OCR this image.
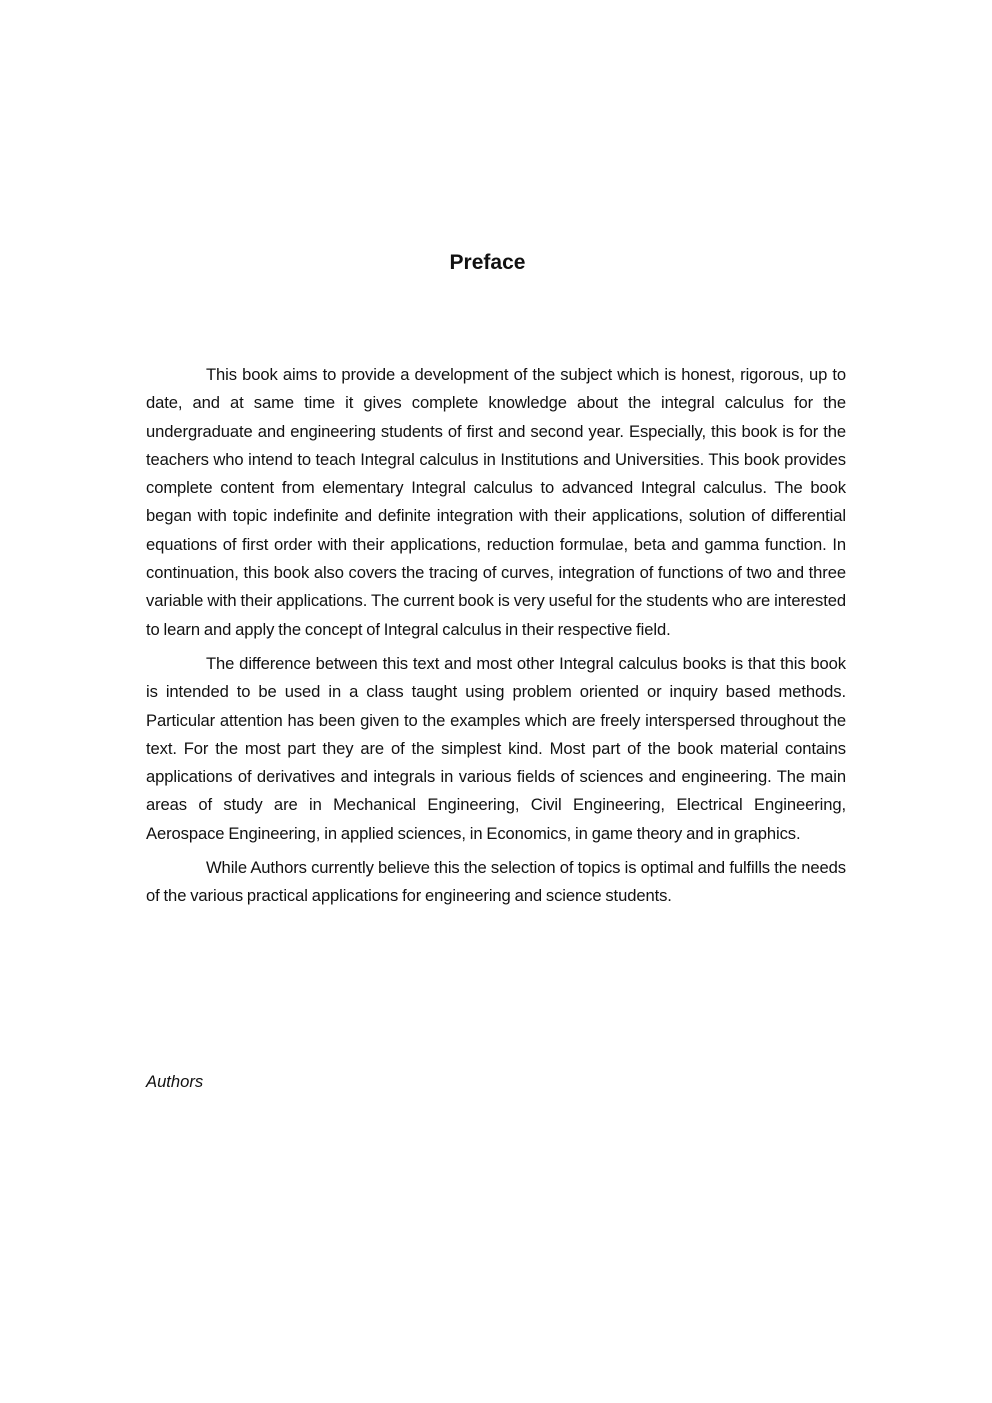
Preface

This book aims to provide a development of the subject which is honest, rigorous, up to date, and at same time it gives complete knowledge about the integral calculus for the undergraduate and engineering students of first and second year. Especially, this book is for the teachers who intend to teach Integral calculus in Institutions and Universities. This book provides complete content from elementary Integral calculus to advanced Integral calculus. The book began with topic indefinite and definite integration with their applications, solution of differential equations of first order with their applications, reduction formulae, beta and gamma function. In continuation, this book also covers the tracing of curves, integration of functions of two and three variable with their applications. The current book is very useful for the students who are interested to learn and apply the concept of Integral calculus in their respective field.

The difference between this text and most other Integral calculus books is that this book is intended to be used in a class taught using problem oriented or inquiry based methods. Particular attention has been given to the examples which are freely interspersed throughout the text. For the most part they are of the simplest kind. Most part of the book material contains applications of derivatives and integrals in various fields of sciences and engineering. The main areas of study are in Mechanical Engineering, Civil Engineering, Electrical Engineering, Aerospace Engineering, in applied sciences, in Economics, in game theory and in graphics.

While Authors currently believe this the selection of topics is optimal and fulfills the needs of the various practical applications for engineering and science students.

Authors
